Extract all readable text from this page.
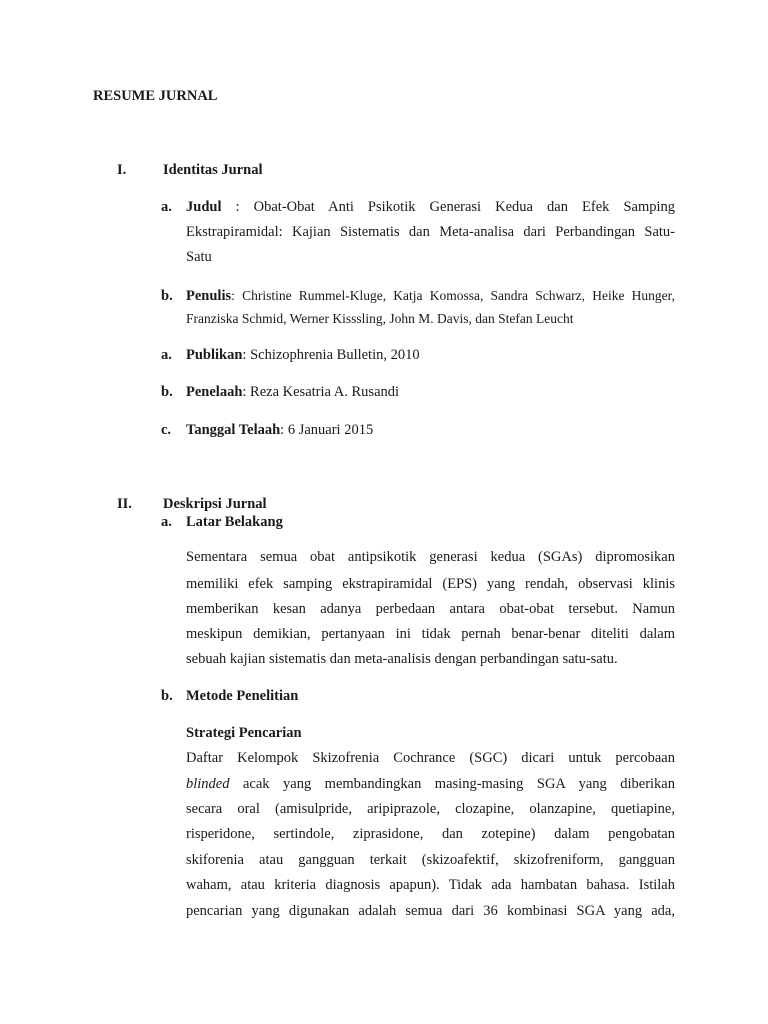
RESUME JURNAL
I.	Identitas Jurnal
a. Judul : Obat-Obat Anti Psikotik Generasi Kedua dan Efek Samping
Ekstrapiramidal: Kajian Sistematis dan Meta-analisa dari Perbandingan Satu-
Satu
b. Penulis: Christine Rummel-Kluge, Katja Komossa, Sandra Schwarz, Heike Hunger,
Franziska Schmid, Werner Kisssling, John M. Davis, dan Stefan Leucht
a. Publikan: Schizophrenia Bulletin, 2010
b. Penelaah: Reza Kesatria A. Rusandi
c. Tanggal Telaah: 6 Januari 2015
II. Deskripsi Jurnal
a. Latar Belakang
Sementara semua obat antipsikotik generasi kedua (SGAs) dipromosikan
memiliki efek samping ekstrapiramidal (EPS) yang rendah, observasi klinis
memberikan kesan adanya perbedaan antara obat-obat tersebut. Namun
meskipun demikian, pertanyaan ini tidak pernah benar-benar diteliti dalam
sebuah kajian sistematis dan meta-analisis dengan perbandingan satu-satu.
b. Metode Penelitian
Strategi Pencarian
Daftar Kelompok Skizofrenia Cochrance (SGC) dicari untuk percobaan
blinded acak yang membandingkan masing-masing SGA yang diberikan
secara oral (amisulpride, aripiprazole, clozapine, olanzapine, quetiapine,
risperidone, sertindole, ziprasidone, dan zotepine) dalam pengobatan
skiforenia atau gangguan terkait (skizoafektif, skizofreniform, gangguan
waham, atau kriteria diagnosis apapun). Tidak ada hambatan bahasa. Istilah
pencarian yang digunakan adalah semua dari 36 kombinasi SGA yang ada,
